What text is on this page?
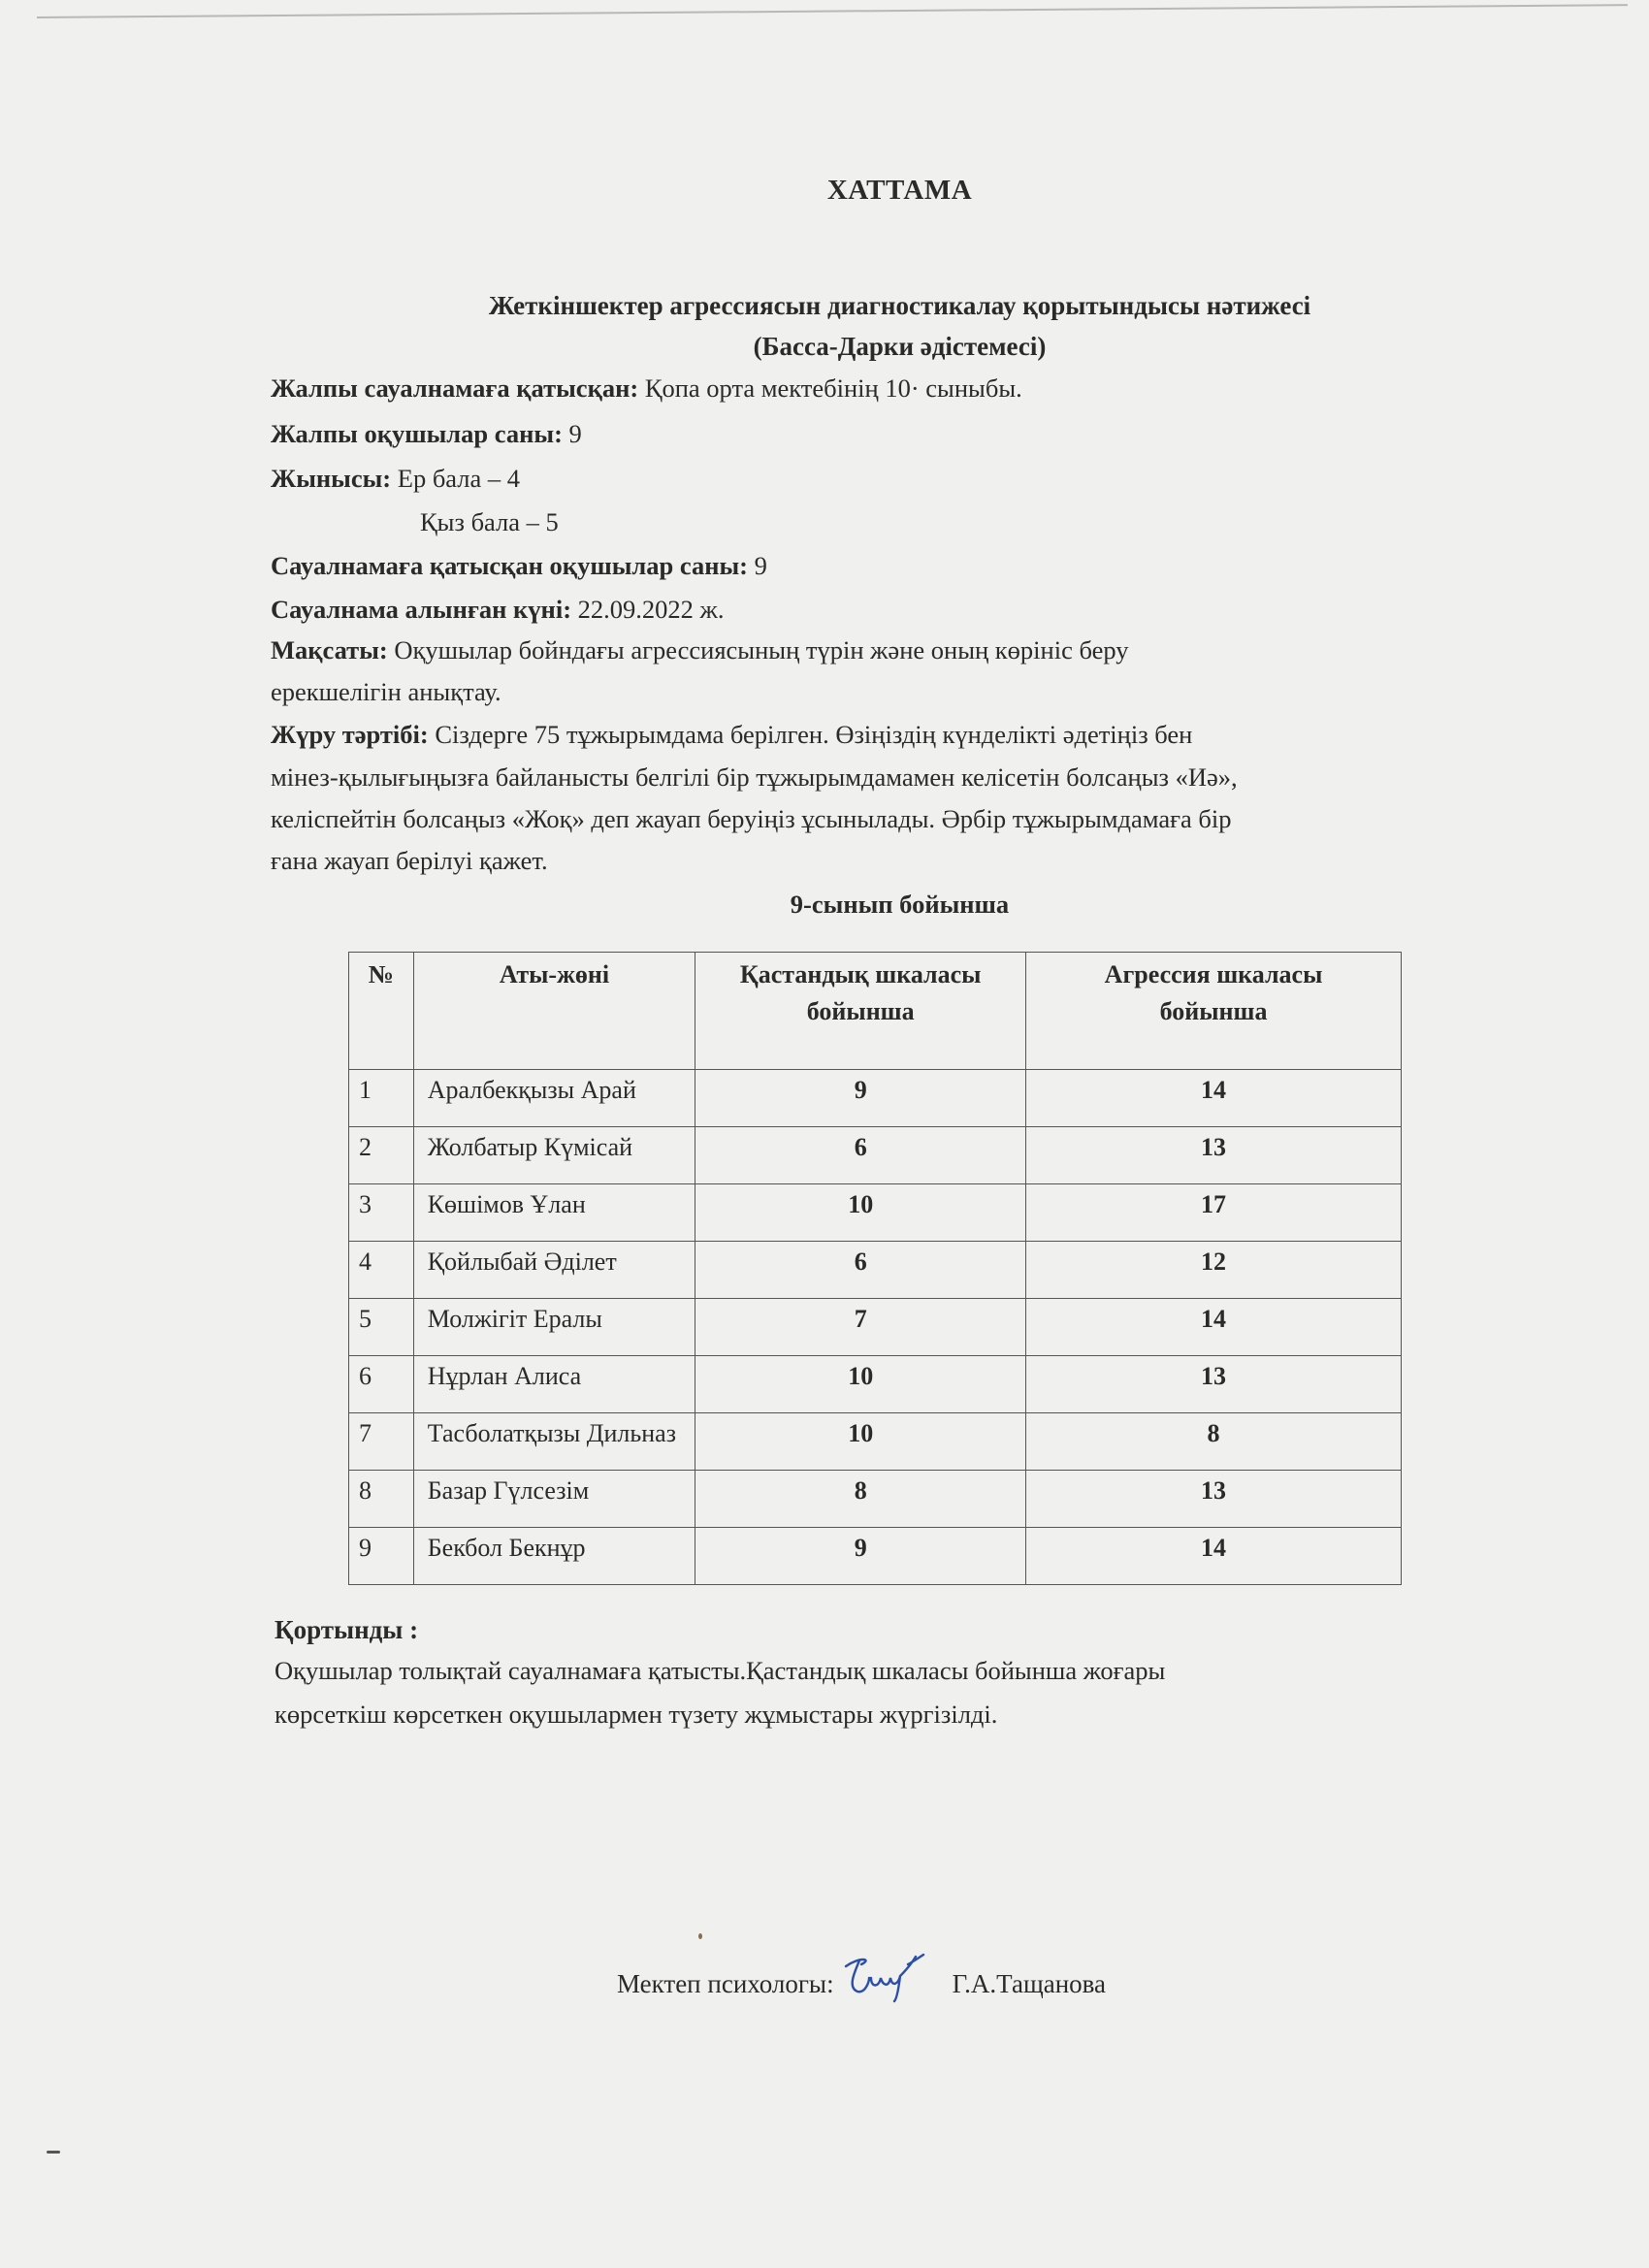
ХАТТАМА
Жеткіншектер агрессиясын диагностикалау қорытындысы нәтижесі
(Басса-Дарки әдістемесі)
Жалпы сауалнамаға қатысқан: Қопа орта мектебінің 10· сыныбы.
Жалпы оқушылар саны: 9
Жынысы: Ер бала – 4
Қыз бала – 5
Сауалнамаға қатысқан оқушылар саны: 9
Сауалнама алынған күні: 22.09.2022 ж.
Мақсаты: Оқушылар бойндағы агрессиясының түрін және оның көрініс беру
ерекшелігін анықтау.
Жүру тәртібі: Сіздерге 75 тұжырымдама берілген. Өзіңіздің күнделікті әдетіңіз бен
мінез-қылығыңызға байланысты белгілі бір тұжырымдамамен келісетін болсаңыз «Иә»,
келіспейтін болсаңыз «Жоқ» деп жауап беруіңіз ұсынылады. Әрбір тұжырымдамаға бір
ғана жауап берілуі қажет.
9-сынып бойынша
№	Аты-жөні	Қастандық шкаласы бойынша	Агрессия шкаласы бойынша
1	Аралбекқызы Арай	9	14
2	Жолбатыр Күмісай	6	13
3	Көшімов Ұлан	10	17
4	Қойлыбай Әділет	6	12
5	Молжігіт Ералы	7	14
6	Нұрлан Алиса	10	13
7	Тасболатқызы Дильназ	10	8
8	Базар Гүлсезім	8	13
9	Бекбол Бекнұр	9	14
Қортынды :
Оқушылар толықтай сауалнамаға қатысты.Қастандық шкаласы бойынша жоғары
көрсеткіш көрсеткен оқушылармен түзету жұмыстары жүргізілді.
Мектеп психологы:	Г.А.Тащанова
